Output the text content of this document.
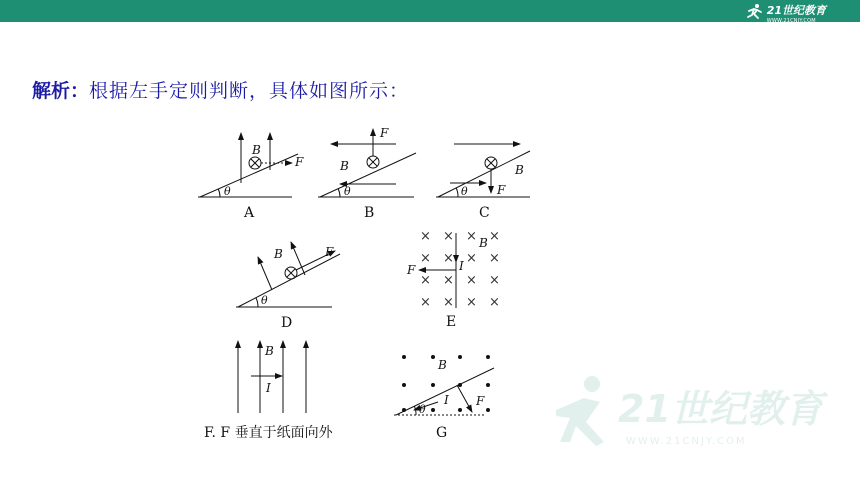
21世纪教育
WWW.21CNJY.COM
解析：根据左手定则判断，具体如图所示：
B
F
θ
A
F
B
θ
B
B
F
θ
C
B	F
θ
D
× × × ×
× × × ×
× × × ×
× × × ×
B
F	I
E
B
I
F. F 垂直于纸面向外
B
F
I
θ
G
21世纪教育
WWW.21CNJY.COM
